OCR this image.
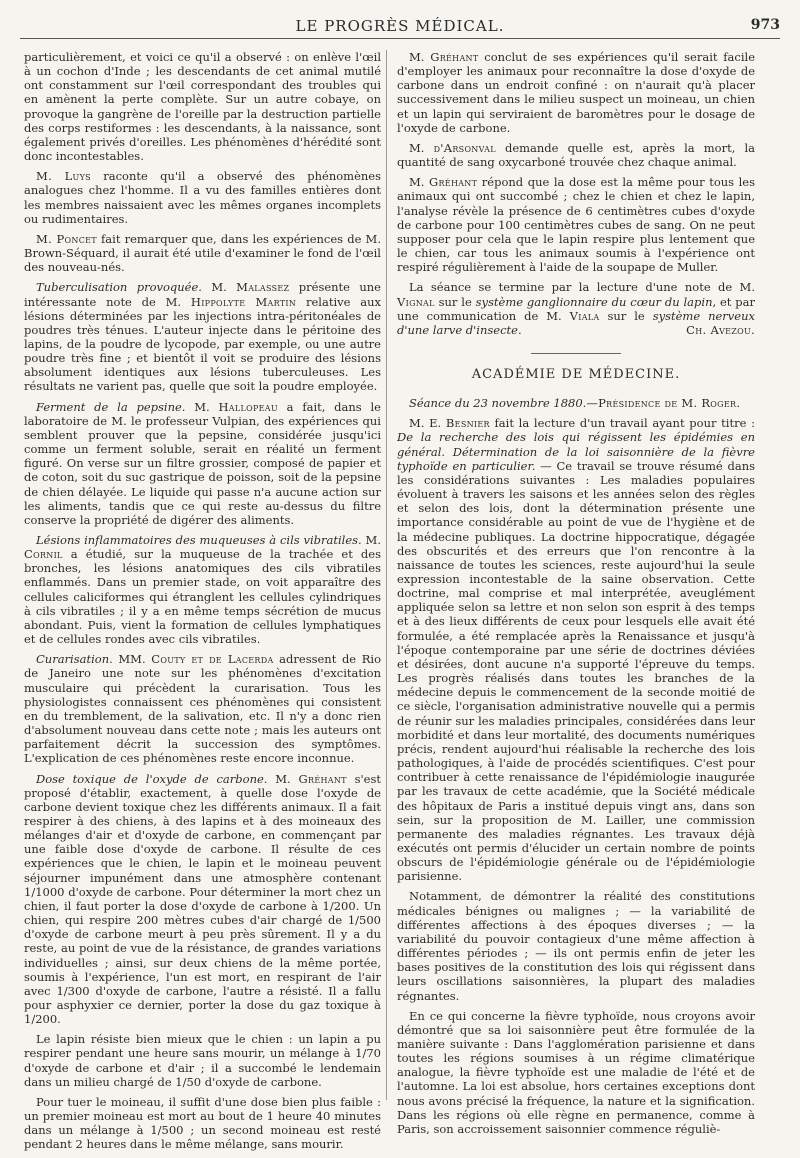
LE PROGRÈS MÉDICAL.	973

particulièrement, et voici ce qu'il a observé : on enlève l'œil à un cochon d'Inde ; les descendants de cet animal mutilé ont constamment sur l'œil correspondant des troubles qui en amènent la perte complète. Sur un autre cobaye, on provoque la gangrène de l'oreille par la destruction partielle des corps restiformes : les descendants, à la naissance, sont également privés d'oreilles. Les phénomènes d'hérédité sont donc incontestables.

M. Luys raconte qu'il a observé des phénomènes analogues chez l'homme. Il a vu des familles entières dont les membres naissaient avec les mêmes organes incomplets ou rudimentaires.

M. Poncet fait remarquer que, dans les expériences de M. Brown-Séquard, il aurait été utile d'examiner le fond de l'œil des nouveau-nés.

Tuberculisation provoquée. M. Malassez présente une intéressante note de M. Hippolyte Martin relative aux lésions déterminées par les injections intra-péritonéales de poudres très ténues. L'auteur injecte dans le péritoine des lapins, de la poudre de lycopode, par exemple, ou une autre poudre très fine ; et bientôt il voit se produire des lésions absolument identiques aux lésions tuberculeuses. Les résultats ne varient pas, quelle que soit la poudre employée.

Ferment de la pepsine. M. Hallopeau a fait, dans le laboratoire de M. le professeur Vulpian, des expériences qui semblent prouver que la pepsine, considérée jusqu'ici comme un ferment soluble, serait en réalité un ferment figuré. On verse sur un filtre grossier, composé de papier et de coton, soit du suc gastrique de poisson, soit de la pepsine de chien délayée. Le liquide qui passe n'a aucune action sur les aliments, tandis que ce qui reste au-dessus du filtre conserve la propriété de digérer des aliments.

Lésions inflammatoires des muqueuses à cils vibratiles. M. Cornil a étudié, sur la muqueuse de la trachée et des bronches, les lésions anatomiques des cils vibratiles enflammés. Dans un premier stade, on voit apparaître des cellules caliciformes qui étranglent les cellules cylindriques à cils vibratiles ; il y a en même temps sécrétion de mucus abondant. Puis, vient la formation de cellules lymphatiques et de cellules rondes avec cils vibratiles.

Curarisation. MM. Couty et de Lacerda adressent de Rio de Janeiro une note sur les phénomènes d'excitation musculaire qui précèdent la curarisation. Tous les physiologistes connaissent ces phénomènes qui consistent en du tremblement, de la salivation, etc. Il n'y a donc rien d'absolument nouveau dans cette note ; mais les auteurs ont parfaitement décrit la succession des symptômes. L'explication de ces phénomènes reste encore inconnue.

Dose toxique de l'oxyde de carbone. M. Gréhant s'est proposé d'établir, exactement, à quelle dose l'oxyde de carbone devient toxique chez les différents animaux. Il a fait respirer à des chiens, à des lapins et à des moineaux des mélanges d'air et d'oxyde de carbone, en commençant par une faible dose d'oxyde de carbone. Il résulte de ces expériences que le chien, le lapin et le moineau peuvent séjourner impunément dans une atmosphère contenant 1/1000 d'oxyde de carbone. Pour déterminer la mort chez un chien, il faut porter la dose d'oxyde de carbone à 1/200. Un chien, qui respire 200 mètres cubes d'air chargé de 1/500 d'oxyde de carbone meurt à peu près sûrement. Il y a du reste, au point de vue de la résistance, de grandes variations individuelles ; ainsi, sur deux chiens de la même portée, soumis à l'expérience, l'un est mort, en respirant de l'air avec 1/300 d'oxyde de carbone, l'autre a résisté. Il a fallu pour asphyxier ce dernier, porter la dose du gaz toxique à 1/200.

Le lapin résiste bien mieux que le chien : un lapin a pu respirer pendant une heure sans mourir, un mélange à 1/70 d'oxyde de carbone et d'air ; il a succombé le lendemain dans un milieu chargé de 1/50 d'oxyde de carbone.

Pour tuer le moineau, il suffit d'une dose bien plus faible : un premier moineau est mort au bout de 1 heure 40 minutes dans un mélange à 1/500 ; un second moineau est resté pendant 2 heures dans le même mélange, sans mourir.

M. Gréhant conclut de ses expériences qu'il serait facile d'employer les animaux pour reconnaître la dose d'oxyde de carbone dans un endroit confiné : on n'aurait qu'à placer successivement dans le milieu suspect un moineau, un chien et un lapin qui serviraient de baromètres pour le dosage de l'oxyde de carbone.

M. d'Arsonval demande quelle est, après la mort, la quantité de sang oxycarboné trouvée chez chaque animal.

M. Gréhant répond que la dose est la même pour tous les animaux qui ont succombé ; chez le chien et chez le lapin, l'analyse révèle la présence de 6 centimètres cubes d'oxyde de carbone pour 100 centimètres cubes de sang. On ne peut supposer pour cela que le lapin respire plus lentement que le chien, car tous les animaux soumis à l'expérience ont respiré régulièrement à l'aide de la soupape de Muller.

La séance se termine par la lecture d'une note de M. Vignal sur le système ganglionnaire du cœur du lapin, et par une communication de M. Viala sur le système nerveux d'une larve d'insecte.	Ch. Avezou.

ACADÉMIE DE MÉDECINE.

Séance du 23 novembre 1880.—Présidence de M. Roger.

M. E. Besnier fait la lecture d'un travail ayant pour titre : De la recherche des lois qui régissent les épidémies en général. Détermination de la loi saisonnière de la fièvre typhoïde en particulier. — Ce travail se trouve résumé dans les considérations suivantes : Les maladies populaires évoluent à travers les saisons et les années selon des règles et selon des lois, dont la détermination présente une importance considérable au point de vue de l'hygiène et de la médecine publiques. La doctrine hippocratique, dégagée des obscurités et des erreurs que l'on rencontre à la naissance de toutes les sciences, reste aujourd'hui la seule expression incontestable de la saine observation. Cette doctrine, mal comprise et mal interprétée, aveuglément appliquée selon sa lettre et non selon son esprit à des temps et à des lieux différents de ceux pour lesquels elle avait été formulée, a été remplacée après la Renaissance et jusqu'à l'époque contemporaine par une série de doctrines déviées et désirées, dont aucune n'a supporté l'épreuve du temps. Les progrès réalisés dans toutes les branches de la médecine depuis le commencement de la seconde moitié de ce siècle, l'organisation administrative nouvelle qui a permis de réunir sur les maladies principales, considérées dans leur morbidité et dans leur mortalité, des documents numériques précis, rendent aujourd'hui réalisable la recherche des lois pathologiques, à l'aide de procédés scientifiques. C'est pour contribuer à cette renaissance de l'épidémiologie inaugurée par les travaux de cette académie, que la Société médicale des hôpitaux de Paris a institué depuis vingt ans, dans son sein, sur la proposition de M. Lailler, une commission permanente des maladies régnantes. Les travaux déjà exécutés ont permis d'élucider un certain nombre de points obscurs de l'épidémiologie générale ou de l'épidémiologie parisienne.

Notamment, de démontrer la réalité des constitutions médicales bénignes ou malignes ; — la variabilité de différentes affections à des époques diverses ; — la variabilité du pouvoir contagieux d'une même affection à différentes périodes ; — ils ont permis enfin de jeter les bases positives de la constitution des lois qui régissent dans leurs oscillations saisonnières, la plupart des maladies régnantes.

En ce qui concerne la fièvre typhoïde, nous croyons avoir démontré que sa loi saisonnière peut être formulée de la manière suivante : Dans l'agglomération parisienne et dans toutes les régions soumises à un régime climatérique analogue, la fièvre typhoïde est une maladie de l'été et de l'automne. La loi est absolue, hors certaines exceptions dont nous avons précisé la fréquence, la nature et la signification. Dans les régions où elle règne en permanence, comme à Paris, son accroissement saisonnier commence réguliè-
